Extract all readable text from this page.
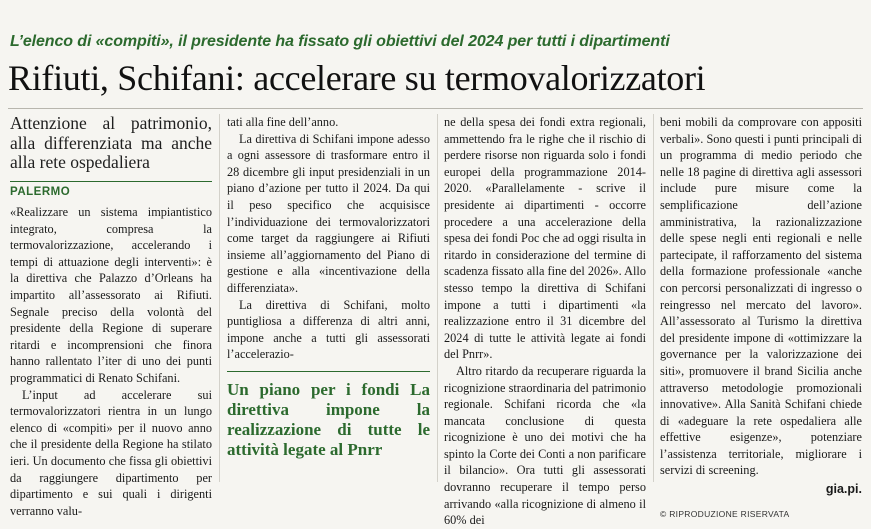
L’elenco di «compiti», il presidente ha fissato gli obiettivi del 2024 per tutti i dipartimenti
Rifiuti, Schifani: accelerare su termovalorizzatori
Attenzione al patrimonio, alla differenziata ma anche alla rete ospedaliera
PALERMO

«Realizzare un sistema impiantistico integrato, compresa la termovalorizzazione, accelerando i tempi di attuazione degli interventi»: è la direttiva che Palazzo d’Orleans ha impartito all’assessorato ai Rifiuti. Segnale preciso della volontà del presidente della Regione di superare ritardi e incomprensioni che finora hanno rallentato l’iter di uno dei punti programmatici di Renato Schifani.

L’input ad accelerare sui termovalorizzatori rientra in un lungo elenco di «compiti» per il nuovo anno che il presidente della Regione ha stilato ieri. Un documento che fissa gli obiettivi da raggiungere dipartimento per dipartimento e sui quali i dirigenti verranno valu-

tati alla fine dell’anno.

La direttiva di Schifani impone adesso a ogni assessore di trasformare entro il 28 dicembre gli input presidenziali in un piano d’azione per tutto il 2024. Da qui il peso specifico che acquisisce l’individuazione dei termovalorizzatori come target da raggiungere ai Rifiuti insieme all’aggiornamento del Piano di gestione e alla «incentivazione della differenziata».

La direttiva di Schifani, molto puntigliosa a differenza di altri anni, impone anche a tutti gli assessorati l’accelerazio-

Un piano per i fondi La direttiva impone la realizzazione di tutte le attività legate al Pnrr

ne della spesa dei fondi extra regionali, ammettendo fra le righe che il rischio di perdere risorse non riguarda solo i fondi europei della programmazione 2014-2020. «Parallelamente - scrive il presidente ai dipartimenti - occorre procedere a una accelerazione della spesa dei fondi Poc che ad oggi risulta in ritardo in considerazione del termine di scadenza fissato alla fine del 2026». Allo stesso tempo la direttiva di Schifani impone a tutti i dipartimenti «la realizzazione entro il 31 dicembre del 2024 di tutte le attività legate ai fondi del Pnrr».

Altro ritardo da recuperare riguarda la ricognizione straordinaria del patrimonio regionale. Schifani ricorda che «la mancata conclusione di questa ricognizione è uno dei motivi che ha spinto la Corte dei Conti a non parificare il bilancio». Ora tutti gli assessorati dovranno recuperare il tempo perso arrivando «alla ricognizione di almeno il 60% dei

beni mobili da comprovare con appositi verbali». Sono questi i punti principali di un programma di medio periodo che nelle 18 pagine di direttiva agli assessori include pure misure come la semplificazione dell’azione amministrativa, la razionalizzazione delle spese negli enti regionali e nelle partecipate, il rafforzamento del sistema della formazione professionale «anche con percorsi personalizzati di ingresso o reingresso nel mercato del lavoro». All’assessorato al Turismo la direttiva del presidente impone di «ottimizzare la governance per la valorizzazione dei siti», promuovere il brand Sicilia anche attraverso metodologie promozionali innovative». Alla Sanità Schifani chiede di «adeguare la rete ospedaliera alle effettive esigenze», potenziare l’assistenza territoriale, migliorare i servizi di screening.

gia.pi.
© RIPRODUZIONE RISERVATA
